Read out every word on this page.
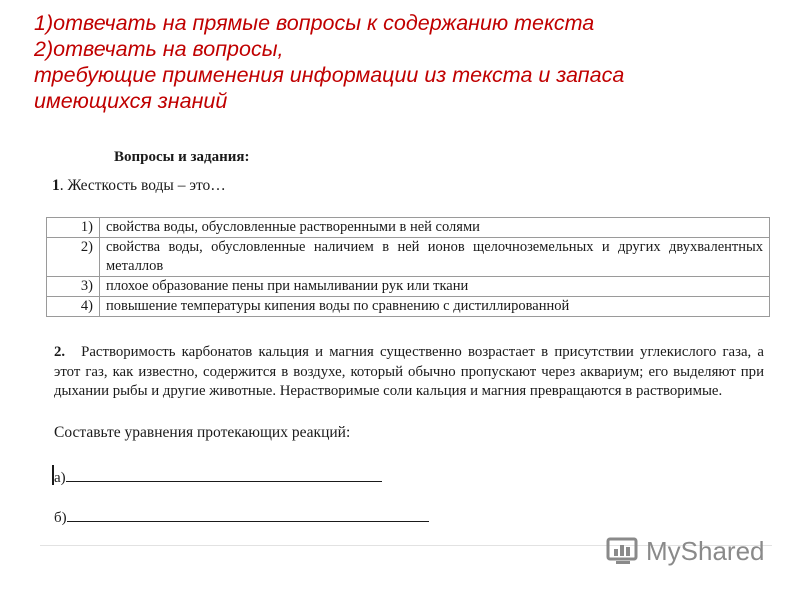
1)отвечать на прямые вопросы к содержанию текста
2)отвечать на вопросы,
требующие применения информации из текста и запаса
имеющихся знаний
Вопросы и задания:
1. Жесткость воды – это…
1)	свойства воды, обусловленные растворенными в ней солями
2)	свойства воды, обусловленные наличием в ней ионов щелочноземельных и других двухвалентных металлов
3)	плохое образование пены при намыливании рук или ткани
4)	повышение температуры кипения воды по сравнению с дистиллированной
2. Растворимость карбонатов кальция и магния существенно возрастает в присутствии углекислого газа, а этот газ, как известно, содержится в воздухе, который обычно пропускают через аквариум; его выделяют при дыхании рыбы и другие животные. Нерастворимые соли кальция и магния превращаются в растворимые.
Составьте уравнения протекающих реакций:
а)
б)
MyShared
